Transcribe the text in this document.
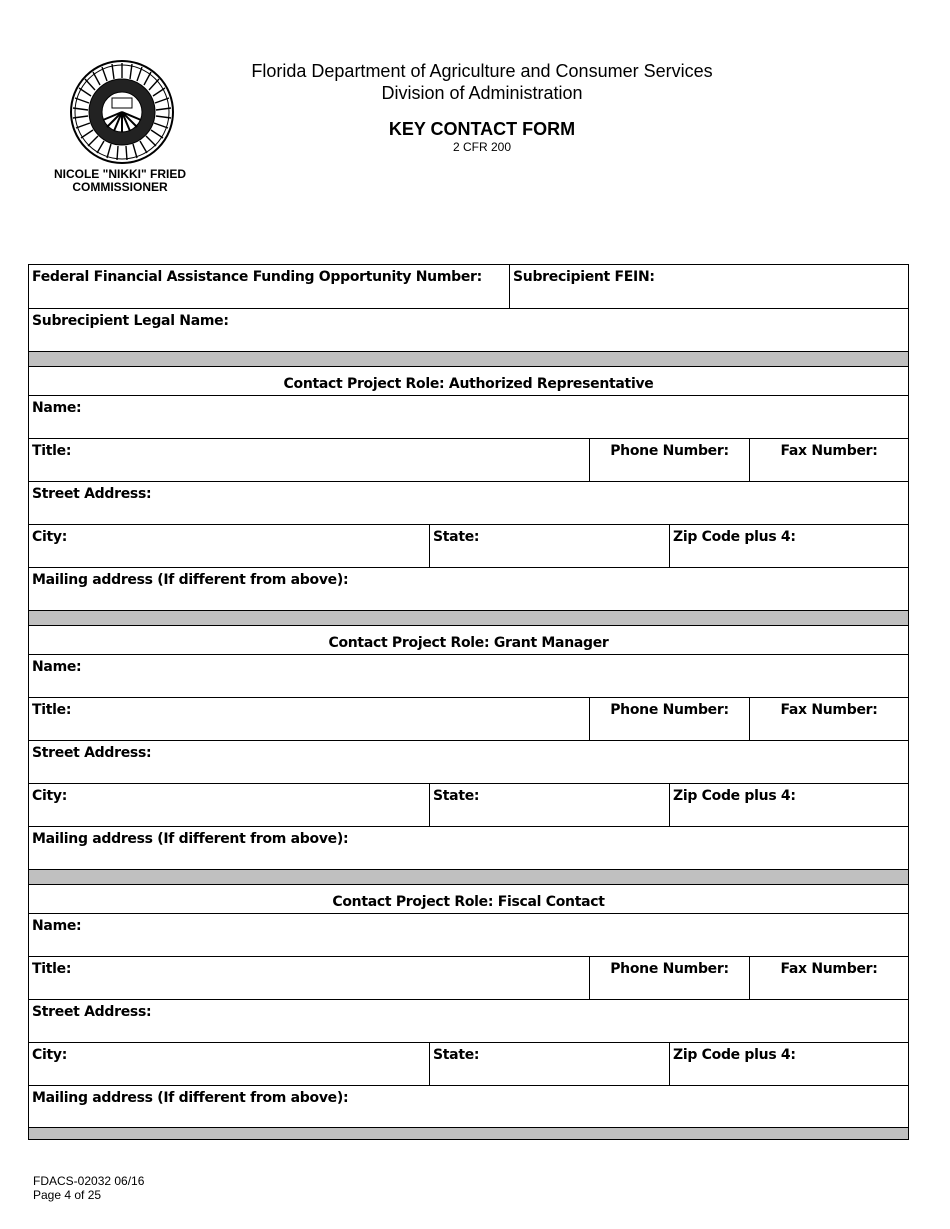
NICOLE "NIKKI" FRIED
COMMISSIONER
Florida Department of Agriculture and Consumer Services
Division of Administration
KEY CONTACT FORM
2 CFR 200
Federal Financial Assistance Funding Opportunity Number:	Subrecipient FEIN:
Subrecipient Legal Name:
Contact Project Role: Authorized Representative
Name:
Title:	Phone Number:	Fax Number:
Street Address:
City:	State:	Zip Code plus 4:
Mailing address (If different from above):
Contact Project Role: Grant Manager
Name:
Title:	Phone Number:	Fax Number:
Street Address:
City:	State:	Zip Code plus 4:
Mailing address (If different from above):
Contact Project Role: Fiscal Contact
Name:
Title:	Phone Number:	Fax Number:
Street Address:
City:	State:	Zip Code plus 4:
Mailing address (If different from above):
FDACS-02032 06/16
Page 4 of 25
